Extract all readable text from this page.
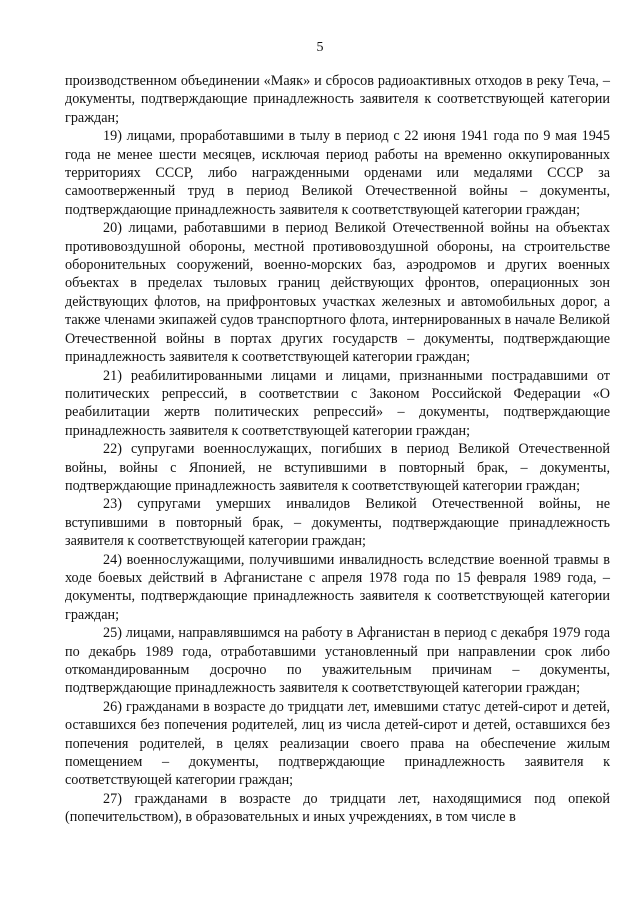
5

производственном объединении «Маяк» и сбросов радиоактивных отходов в реку Теча, – документы, подтверждающие принадлежность заявителя к соответствующей категории граждан;

19) лицами, проработавшими в тылу в период с 22 июня 1941 года по 9 мая 1945 года не менее шести месяцев, исключая период работы на временно оккупированных территориях СССР, либо награжденными орденами или медалями СССР за самоотверженный труд в период Великой Отечественной войны – документы, подтверждающие принадлежность заявителя к соответствующей категории граждан;

20) лицами, работавшими в период Великой Отечественной войны на объектах противовоздушной обороны, местной противовоздушной обороны, на строительстве оборонительных сооружений, военно-морских баз, аэродромов и других военных объектах в пределах тыловых границ действующих фронтов, операционных зон действующих флотов, на прифронтовых участках железных и автомобильных дорог, а также членами экипажей судов транспортного флота, интернированных в начале Великой Отечественной войны в портах других государств – документы, подтверждающие принадлежность заявителя к соответствующей категории граждан;

21) реабилитированными лицами и лицами, признанными пострадавшими от политических репрессий, в соответствии с Законом Российской Федерации «О реабилитации жертв политических репрессий» – документы, подтверждающие принадлежность заявителя к соответствующей категории граждан;

22) супругами военнослужащих, погибших в период Великой Отечественной войны, войны с Японией, не вступившими в повторный брак, – документы, подтверждающие принадлежность заявителя к соответствующей категории граждан;

23) супругами умерших инвалидов Великой Отечественной войны, не вступившими в повторный брак, – документы, подтверждающие принадлежность заявителя к соответствующей категории граждан;

24) военнослужащими, получившими инвалидность вследствие военной травмы в ходе боевых действий в Афганистане с апреля 1978 года по 15 февраля 1989 года, – документы, подтверждающие принадлежность заявителя к соответствующей категории граждан;

25) лицами, направлявшимся на работу в Афганистан в период с декабря 1979 года по декабрь 1989 года, отработавшими установленный при направлении срок либо откомандированным досрочно по уважительным причинам – документы, подтверждающие принадлежность заявителя к соответствующей категории граждан;

26) гражданами в возрасте до тридцати лет, имевшими статус детей-сирот и детей, оставшихся без попечения родителей, лиц из числа детей-сирот и детей, оставшихся без попечения родителей, в целях реализации своего права на обеспечение жилым помещением – документы, подтверждающие принадлежность заявителя к соответствующей категории граждан;

27) гражданами в возрасте до тридцати лет, находящимися под опекой (попечительством), в образовательных и иных учреждениях, в том числе в
